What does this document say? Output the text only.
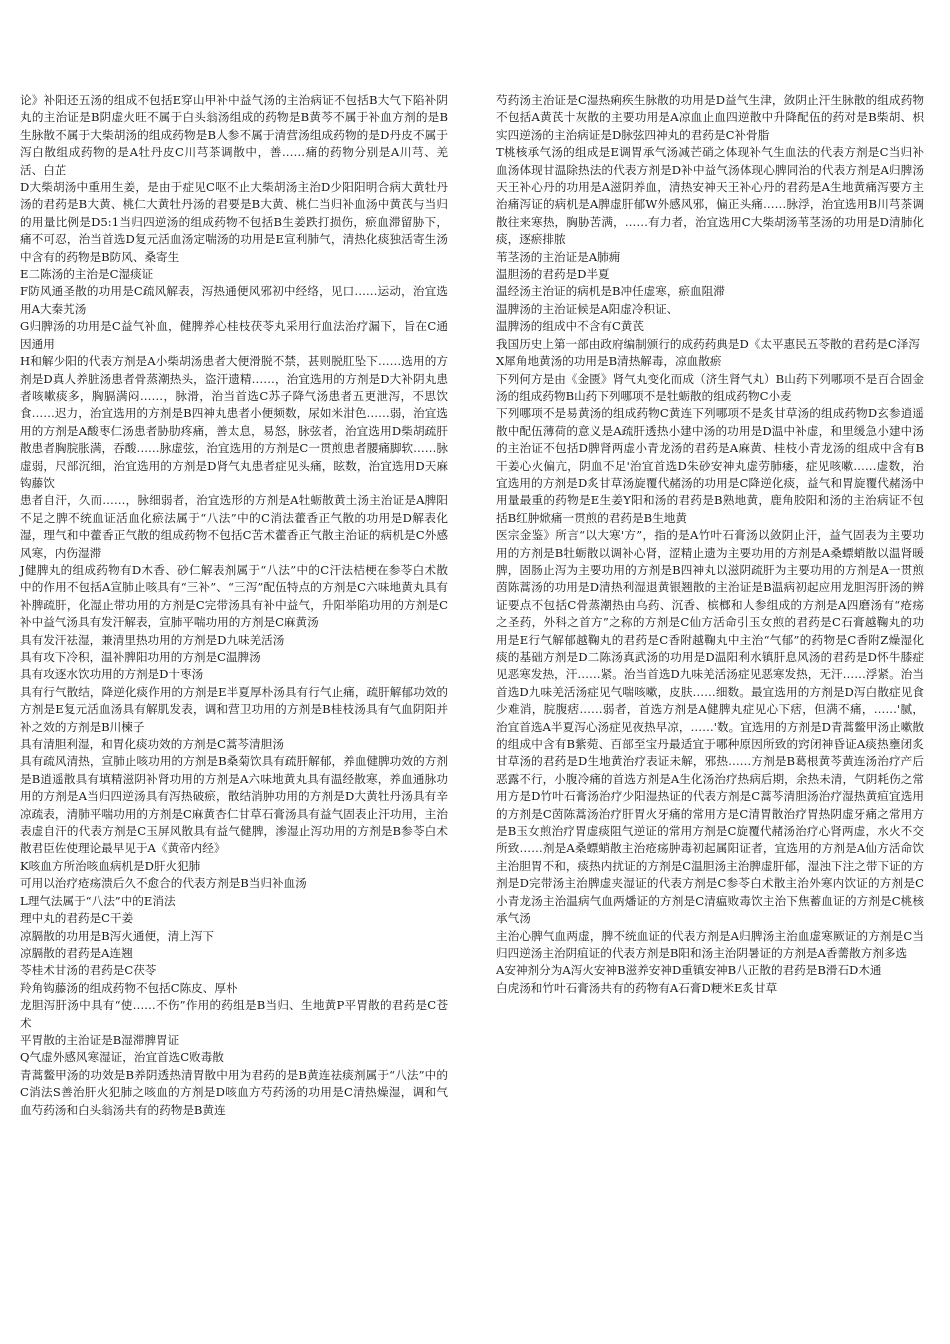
论》补阳还五汤的组成不包括E穿山甲补中益气汤的主治病证不包括B大气下陷补阴丸的主治证是B阴虚火旺不属于白头翁汤组成的药物是B黄芩不属于补血方剂的是B生脉散不属于大柴胡汤的组成药物是B人参不属于清营汤组成药物的是D丹皮不属于泻白散组成药物的是A牡丹皮C川芎茶调散中，善……痛的药物分别是A川芎、羌活、白芷

D大柴胡汤中重用生姜，是由于症见C呕不止大柴胡汤主治D少阳阳明合病大黄牡丹汤的君药是B大黄、桃仁大黄牡丹汤的君要是B大黄、桃仁当归补血汤中黄芪与当归的用量比例是D5:1当归四逆汤的组成药物不包括B生姜跌打损伤，瘀血滞留胁下，痛不可忍，治当首选D复元活血汤定喘汤的功用是E宣利肺气，清热化痰独活寄生汤中含有的药物是B防风、桑寄生

E二陈汤的主治是C湿痰证

F防风通圣散的功用是C疏风解表，泻热通便风邪初中经络，见口……运动，治宜选用A大秦艽汤

G归脾汤的功用是C益气补血，健脾养心桂枝茯苓丸采用行血法治疗漏下，旨在C通因通用

H和解少阳的代表方剂是A小柴胡汤患者大便滑脱不禁，甚则脱肛坠下……选用的方剂是D真人养脏汤患者骨蒸潮热头，盗汗遗精……，治宜选用的方剂是D大补阴丸患者咳嗽痰多，胸膈满闷……，脉滑，治当首选C苏子降气汤患者五更泄泻，不思饮食……迟力，治宜选用的方剂是B四神丸患者小便频数，尿如米泔色……弱，治宜选用的方剂是A酸枣仁汤患者胁肋疼痛，善太息，易怒，脉弦者，治宜选用D柴胡疏肝散患者胸脘胀满，吞酸……脉虚弦，治宜选用的方剂是C一贯煎患者腰痛脚软……脉虚弱，尺部沉细，治宜选用的方剂是D肾气丸患者症见头痛，眩数，治宜选用D天麻钩藤饮

患者自汗，久而……，脉细弱者，治宜选形的方剂是A牡蛎散黄土汤主治证是A脾阳不足之脾不统血证活血化瘀法属于“八法”中的C消法藿香正气散的功用是D解表化湿，理气和中藿香正气散的组成药物不包括C苦术藿香正气散主治证的病机是C外感风寒，内伤湿滞

J健脾丸的组成药物有D木香、砂仁解表剂属于“八法”中的C汗法桔梗在参苓白术散中的作用不包括A宣肺止咳具有“三补”、“三泻”配伍特点的方剂是C六味地黄丸具有补脾疏肝，化湿止带功用的方剂是C完带汤具有补中益气，升阳举陷功用的方剂是C补中益气汤具有发汗解表，宣肺平喘功用的方剂是C麻黄汤

具有发汗祛湿，兼清里热功用的方剂是D九味羌活汤

具有攻下冷积，温补脾阳功用的方剂是C温脾汤

具有攻逐水饮功用的方剂是D十枣汤

具有行气散结，降逆化痰作用的方剂是E半夏厚朴汤具有行气止痛，疏肝解郁功效的方剂是E复元活血汤具有解肌发表，调和营卫功用的方剂是B桂枝汤具有气血阴阳并补之效的方剂是B川楝子

具有清胆利湿，和胃化痰功效的方剂是C蒿芩清胆汤

具有疏风清热，宣肺止咳功用的方剂是B桑菊饮具有疏肝解郁，养血健脾功效的方剂是B逍遥散具有填精滋阴补肾功用的方剂是A六味地黄丸具有温经散寒，养血通脉功用的方剂是A当归四逆汤具有泻热破瘀，散结消肿功用的方剂是D大黄牡丹汤具有辛凉疏表，清肺平喘功用的方剂是C麻黄杏仁甘草石膏汤具有益气固表止汗功用，主治表虚自汗的代表方剂是C玉屏风散具有益气健脾，渗湿止泻功用的方剂是B参苓白术散君臣佐使理论最早见于A《黄帝内经》

K咳血方所治咳血病机是D肝火犯肺

可用以治疗疮疡溃后久不愈合的代表方剂是B当归补血汤

L理气法属于“八法”中的E消法

理中丸的君药是C干姜

凉膈散的功用是B泻火通便，清上泻下

凉膈散的君药是A连翘

苓桂术甘汤的君药是C茯苓

羚角钩藤汤的组成药物不包括C陈皮、厚朴

龙胆泻肝汤中具有“使……不伤”作用的药组是B当归、生地黄P平胃散的君药是C苍术

平胃散的主治证是B湿滞脾胃证

Q气虚外感风寒湿证，治宜首选C败毒散

青蒿鳖甲汤的功效是B养阴透热清胃散中用为君药的是B黄连祛痰剂属于“八法”中的C消法S善治肝火犯肺之咳血的方剂是D咳血方芍药汤的功用是C清热燥湿，调和气血芍药汤和白头翁汤共有的药物是B黄连

芍药汤主治证是C湿热痢疾生脉散的功用是D益气生津，敛阴止汗生脉散的组成药物不包括A黄芪十灰散的主要功用是A凉血止血四逆散中升降配伍的药对是B柴胡、枳实四逆汤的主治病证是D脉弦四神丸的君药是C补骨脂

T桃核承气汤的组成是E调胃承气汤减芒硝之体现补气生血法的代表方剂是C当归补血汤体现甘温除热法的代表方剂是D补中益气汤体现心脾同治的代表方剂是A归脾汤天王补心丹的功用是A滋阴养血，清热安神天王补心丹的君药是A生地黄痛泻要方主治痛泻证的病机是A脾虚肝郁W外感风邪，偏正头痛……脉浮，治宜选用B川芎茶调散往来寒热，胸胁苦满，……有力者，治宜选用C大柴胡汤苇茎汤的功用是D清肺化痰，逐瘀排脓

苇茎汤的主治证是A肺痈

温胆汤的君药是D半夏

温经汤主治证的病机是B冲任虚寒，瘀血阻滞

温脾汤的主治证候是A阳虚冷积证、

温脾汤的组成中不含有C黄芪

我国历史上第一部由政府编制颁行的成药药典是D《太平惠民五苓散的君药是C泽泻

X犀角地黄汤的功用是B清热解毒，凉血散瘀

下列何方是由《金匮》肾气丸变化而成（济生肾气丸）B山药下列哪项不是百合固金汤的组成药物B山药下列哪项不是牡蛎散的组成药物C小麦

下列哪项不是易黄汤的组成药物C黄连下列哪项不是炙甘草汤的组成药物D玄参逍遥散中配伍薄荷的意义是A疏肝透热小建中汤的功用是D温中补虚，和里缓急小建中汤的主治证不包括D脾肾两虚小青龙汤的君药是A麻黄、桂枝小青龙汤的组成中含有B干姜心火偏亢，阴血不足'治宜首选D朱砂安神丸虚劳肺痿，症见咳嗽……虚数，治宜选用的方剂是D炙甘草汤旋覆代赭汤的功用是C降逆化痰，益气和胃旋覆代赭汤中用量最重的药物是E生姜Y阳和汤的君药是B熟地黄，鹿角胶阳和汤的主治病证不包括B红肿焮痛一贯煎的君药是B生地黄

医宗金鉴》所言“以大寒'方”，指的是A竹叶石膏汤以敛阴止汗，益气固表为主要功用的方剂是B牡蛎散以调补心肾，涩精止遗为主要功用的方剂是A桑螵蛸散以温肾暖脾，固肠止泻为主要功用的方剂是B四神丸以滋阴疏肝为主要功用的方剂是A一贯煎茵陈蒿汤的功用是D清热利湿退黄银翘散的主治证是B温病初起应用龙胆泻肝汤的辨证要点不包括C骨蒸潮热由乌药、沉香、槟榔和人参组成的方剂是A四磨汤有“疮疡之圣药，外科之首方”之称的方剂是C仙方活命引玉女煎的君药是C石膏越鞠丸的功用是E行气解郁越鞠丸的君药是C香附越鞠丸中主治“气郁”的药物是C香附Z燥湿化痰的基础方剂是D二陈汤真武汤的功用是D温阳利水镇肝息风汤的君药是D怀牛膝症见恶寒发热，汗……紧。治当首选D九味羌活汤症见恶寒发热，无汗……浮紧。治当首选D九味羌活汤症见气喘咳嗽，皮肤……细数。最宜选用的方剂是D泻白散症见食少难消，脘腹痞……弱者，首选方剂是A健脾丸症见心下痞，但满不痛，……'腻，治宜首选A半夏泻心汤症见夜热早凉，……'数。宜选用的方剂是D青蒿鳖甲汤止嗽散的组成中含有B紫菀、百部至宝丹最适宜于哪种原因所致的窍闭神昏证A痰热壅闭炙甘草汤的君药是D生地黄治疗表证未解，邪热……方剂是B葛根黄芩黄连汤治疗产后恶露不行，小腹冷痛的首选方剂是A生化汤治疗热病后期，余热未清，气阴耗伤之常用方是D竹叶石膏汤治疗少阳湿热证的代表方剂是C蒿芩清胆汤治疗湿热黄疸宜选用的方剂是C茵陈蒿汤治疗肝胃火牙痛的常用方是C清胃散治疗胃热阴虚牙痛之常用方是B玉女煎治疗胃虚痰阻气逆证的常用方剂是C旋覆代赭汤治疗心肾两虚，水火不交所致……剂是A桑螵蛸散主治疮疡肿毒初起属阳证者，宜选用的方剂是A仙方活命饮主治胆胃不和，痰热内扰证的方剂是C温胆汤主治脾虚肝郁，湿浊下注之带下证的方剂是D完带汤主治脾虚夹湿证的代表方剂是C参苓白术散主治外寒内饮证的方剂是C小青龙汤主治温病气血两燔证的方剂是C清瘟败毒饮主治下焦蓄血证的方剂是C桃核承气汤

主治心脾气血两虚，脾不统血证的代表方剂是A归脾汤主治血虚寒厥证的方剂是C当归四逆汤主治阴疽证的代表方剂是B阳和汤主治阴暑证的方剂是A香薷散方剂多选

A安神剂分为A泻火安神B滋养安神D重镇安神B八正散的君药是B滑石D木通

白虎汤和竹叶石膏汤共有的药物有A石膏D粳米E炙甘草
